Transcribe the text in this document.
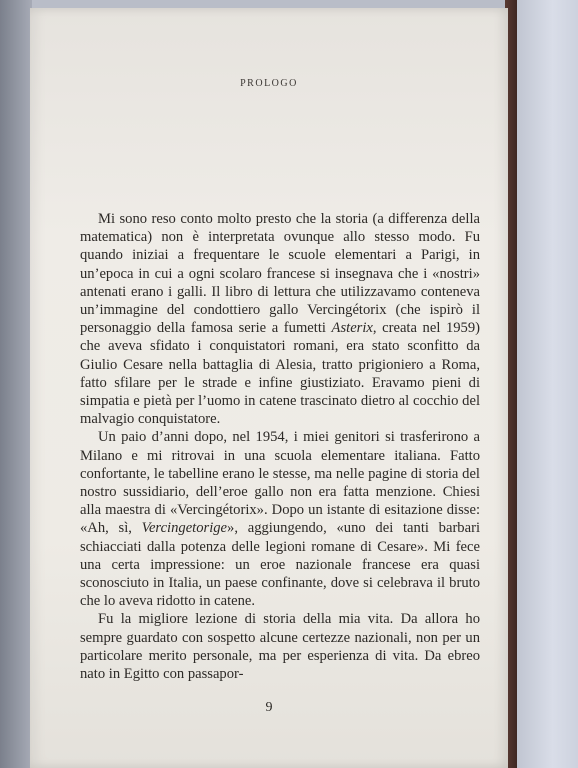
PROLOGO

Mi sono reso conto molto presto che la storia (a differenza della matematica) non è interpretata ovunque allo stesso modo. Fu quando iniziai a frequentare le scuole elementari a Parigi, in un’epoca in cui a ogni scolaro francese si insegnava che i «nostri» antenati erano i galli. Il libro di lettura che utilizzavamo conteneva un’immagine del condottiero gallo Vercingétorix (che ispirò il personaggio della famosa serie a fumetti Asterix, creata nel 1959) che aveva sfidato i conquistatori romani, era stato sconfitto da Giulio Cesare nella battaglia di Alesia, tratto prigioniero a Roma, fatto sfilare per le strade e infine giustiziato. Eravamo pieni di simpatia e pietà per l’uomo in catene trascinato dietro al cocchio del malvagio conquistatore.

Un paio d’anni dopo, nel 1954, i miei genitori si trasferirono a Milano e mi ritrovai in una scuola elementare italiana. Fatto confortante, le tabelline erano le stesse, ma nelle pagine di storia del nostro sussidiario, dell’eroe gallo non era fatta menzione. Chiesi alla maestra di «Vercingétorix». Dopo un istante di esitazione disse: «Ah, sì, Vercingetorige», aggiungendo, «uno dei tanti barbari schiacciati dalla potenza delle legioni romane di Cesare». Mi fece una certa impressione: un eroe nazionale francese era quasi sconosciuto in Italia, un paese confinante, dove si celebrava il bruto che lo aveva ridotto in catene.

Fu la migliore lezione di storia della mia vita. Da allora ho sempre guardato con sospetto alcune certezze nazionali, non per un particolare merito personale, ma per esperienza di vita. Da ebreo nato in Egitto con passapor-

9
